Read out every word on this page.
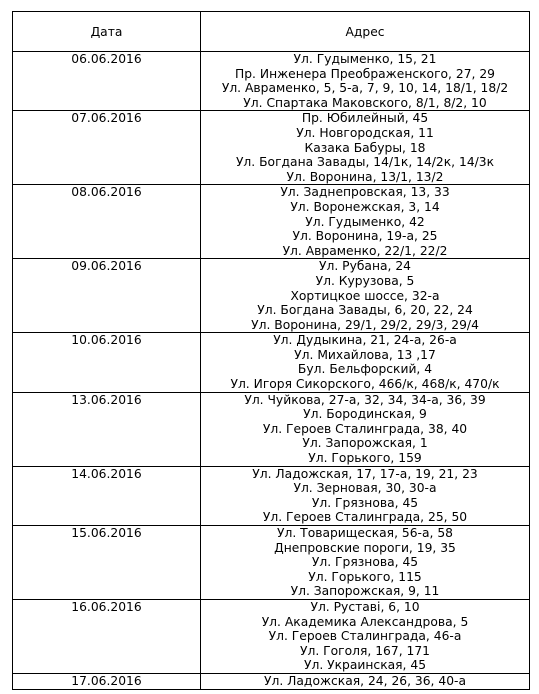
Дата	Адрес
06.06.2016	Ул. Гудыменко, 15, 21
Пр. Инженера Преображенского, 27, 29
Ул. Авраменко, 5, 5-а, 7, 9, 10, 14, 18/1, 18/2
Ул. Спартака Маковского, 8/1, 8/2, 10

07.06.2016	Пр. Юбилейный, 45
Ул. Новгородская, 11
Казака Бабуры, 18
Ул. Богдана Завады, 14/1к, 14/2к, 14/3к
Ул. Воронина, 13/1, 13/2

08.06.2016	Ул. Заднепровская, 13, 33
Ул. Воронежская, 3, 14
Ул. Гудыменко, 42
Ул. Воронина, 19-а, 25
Ул. Авраменко, 22/1, 22/2

09.06.2016	Ул. Рубана, 24
Ул. Курузова, 5
Хортицкое шоссе, 32-а
Ул. Богдана Завады, 6, 20, 22, 24
Ул. Воронина, 29/1, 29/2, 29/3, 29/4

10.06.2016	Ул. Дудыкина, 21, 24-а, 26-а
Ул. Михайлова, 13 ,17
Бул. Бельфорский, 4
Ул. Игоря Сикорского, 466/к, 468/к, 470/к

13.06.2016	Ул. Чуйкова, 27-а, 32, 34, 34-а, 36, 39
Ул. Бородинская, 9
Ул. Героев Сталинграда, 38, 40
Ул. Запорожская, 1
Ул. Горького, 159

14.06.2016	Ул. Ладожская, 17, 17-а, 19, 21, 23
Ул. Зерновая, 30, 30-а
Ул. Грязнова, 45
Ул. Героев Сталинграда, 25, 50

15.06.2016	Ул. Товарищеская, 56-а, 58
Днепровские пороги, 19, 35
Ул. Грязнова, 45
Ул. Горького, 115
Ул. Запорожская, 9, 11

16.06.2016	Ул. Руставі, 6, 10
Ул. Академика Александрова, 5
Ул. Героев Сталинграда, 46-а
Ул. Гоголя, 167, 171
Ул. Украинская, 45

17.06.2016	Ул. Ладожская, 24, 26, 36, 40-а
